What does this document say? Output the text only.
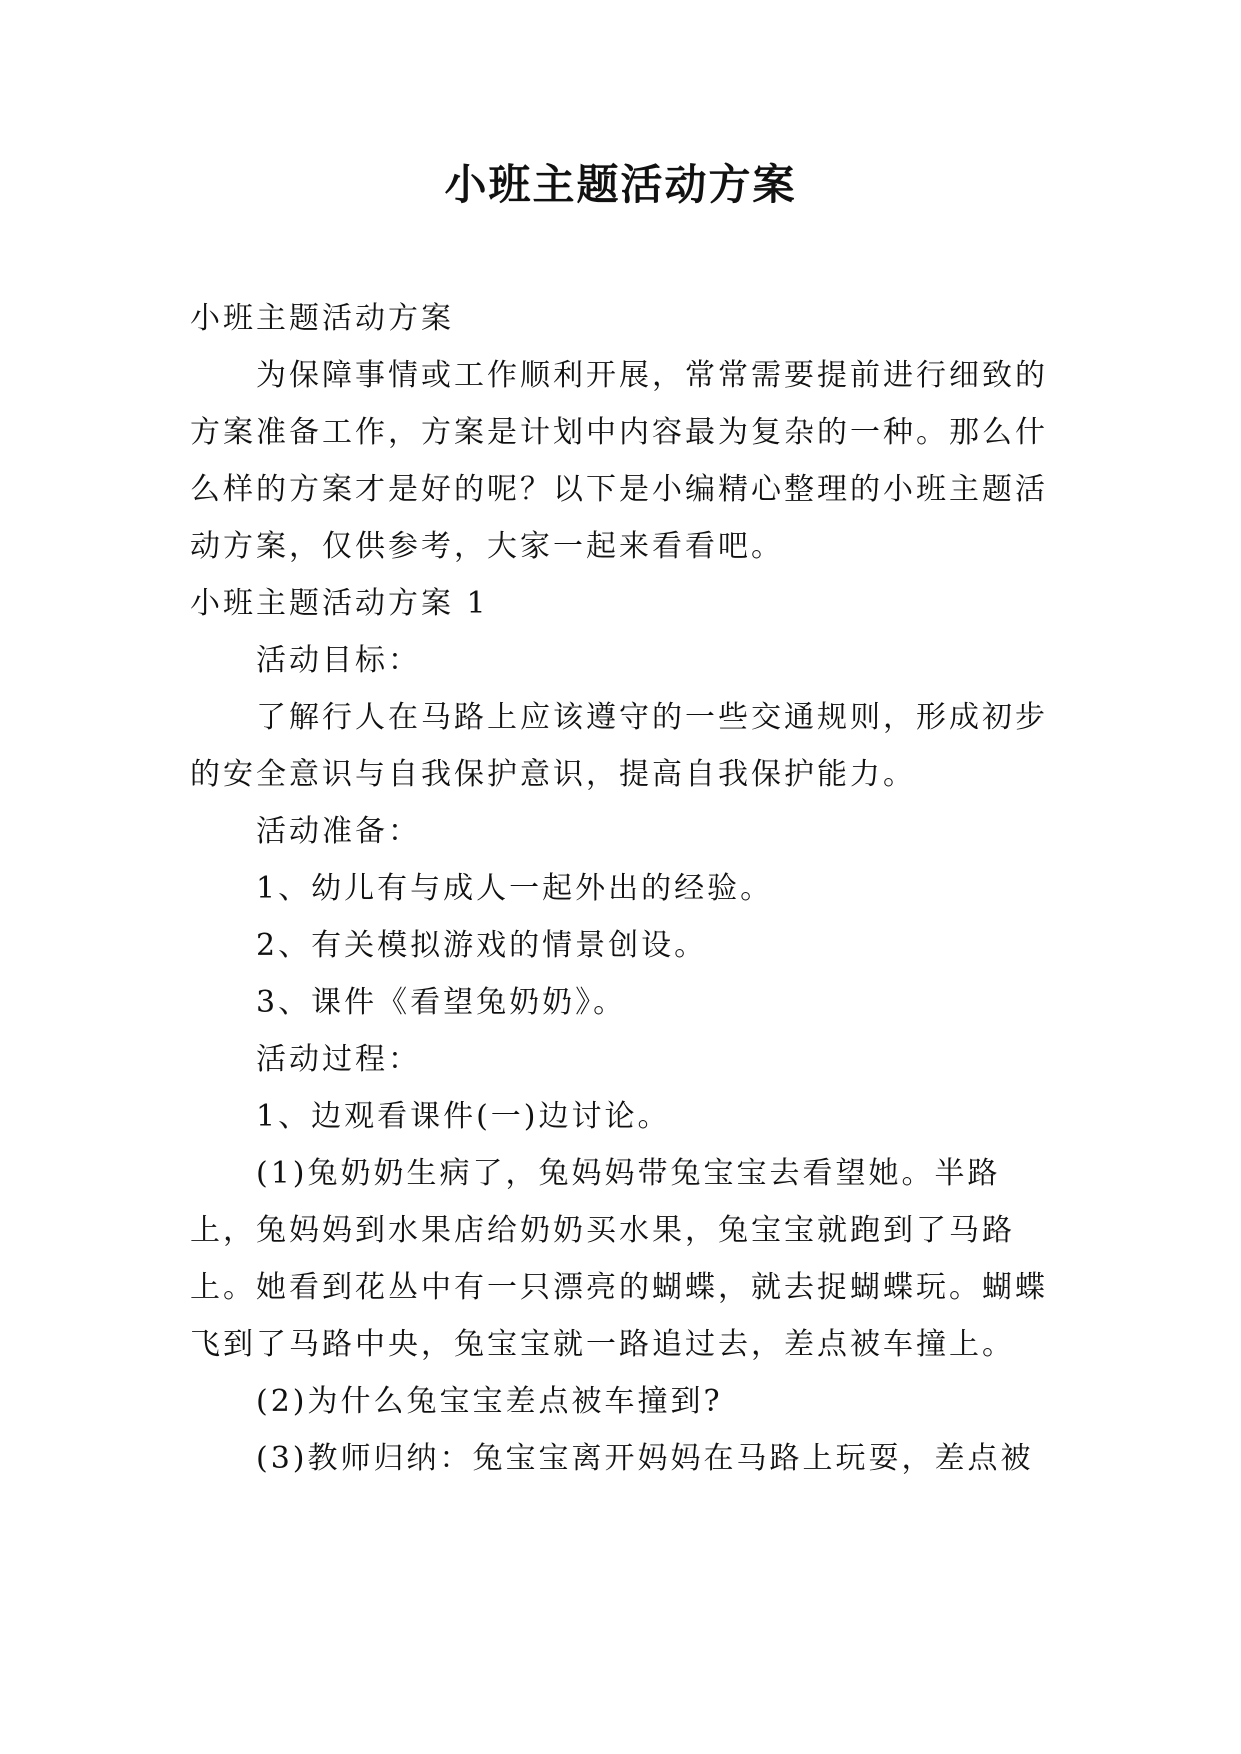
小班主题活动方案

小班主题活动方案

为保障事情或工作顺利开展，常常需要提前进行细致的方案准备工作，方案是计划中内容最为复杂的一种。那么什么样的方案才是好的呢？以下是小编精心整理的小班主题活动方案，仅供参考，大家一起来看看吧。

小班主题活动方案 1

活动目标：

了解行人在马路上应该遵守的一些交通规则，形成初步的安全意识与自我保护意识，提高自我保护能力。

活动准备：

1、幼儿有与成人一起外出的经验。

2、有关模拟游戏的情景创设。

3、课件《看望兔奶奶》。

活动过程：

1、边观看课件(一)边讨论。

(1)兔奶奶生病了，兔妈妈带兔宝宝去看望她。半路上，兔妈妈到水果店给奶奶买水果，兔宝宝就跑到了马路上。她看到花丛中有一只漂亮的蝴蝶，就去捉蝴蝶玩。蝴蝶飞到了马路中央，兔宝宝就一路追过去，差点被车撞上。

(2)为什么兔宝宝差点被车撞到?

(3)教师归纳：兔宝宝离开妈妈在马路上玩耍，差点被
